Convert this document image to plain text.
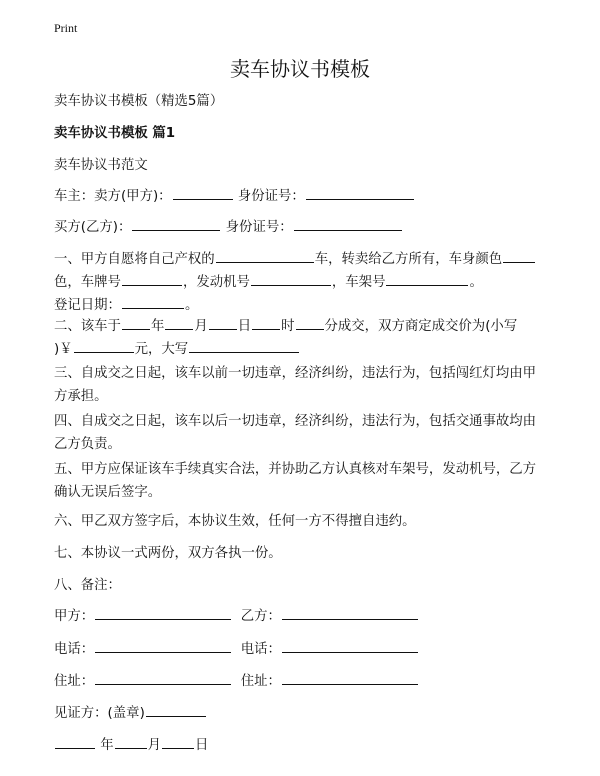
Print
卖车协议书模板
卖车协议书模板（精选5篇）
卖车协议书模板 篇1
卖车协议书范文
车主：卖方(甲方)：	身份证号：
买方(乙方)：	身份证号：
一、甲方自愿将自己产权的	车，转卖给乙方所有，车身颜色
色，车牌号	，发动机号	，车架号	。
登记日期：	。
二、该车于 年 月 日 时 分成交，双方商定成交价为(小写
)￥	元，大写
三、自成交之日起，该车以前一切违章，经济纠纷，违法行为，包括闯红灯均由甲
方承担。
四、自成交之日起，该车以后一切违章，经济纠纷，违法行为，包括交通事故均由
乙方负责。
五、甲方应保证该车手续真实合法，并协助乙方认真核对车架号，发动机号，乙方
确认无误后签字。
六、甲乙双方签字后，本协议生效，任何一方不得擅自违约。
七、本协议一式两份，双方各执一份。
八、备注：
甲方：	乙方：
电话：	电话：
住址：	住址：
见证方：(盖章)
年	月	日
